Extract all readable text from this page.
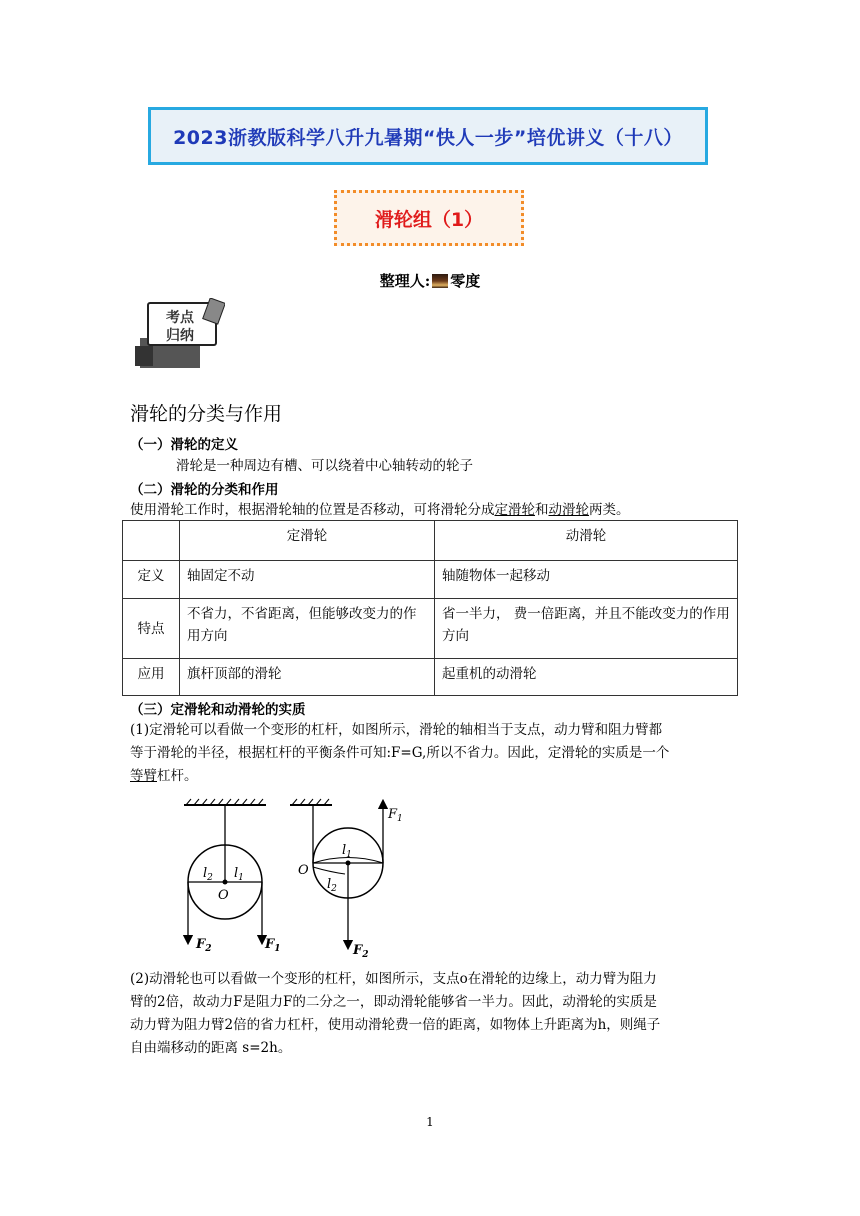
2023浙教版科学八升九暑期“快人一步”培优讲义（十八）
滑轮组（1）
整理人: 零度
考点
归纳
滑轮的分类与作用
（一）滑轮的定义
滑轮是一种周边有槽、可以绕着中心轴转动的轮子
（二）滑轮的分类和作用
使用滑轮工作时，根据滑轮轴的位置是否移动，可将滑轮分成定滑轮和动滑轮两类。
	定滑轮	动滑轮
定义	轴固定不动	轴随物体一起移动
特点	不省力，不省距离，但能够改变力的作用方向	省一半力， 费一倍距离，并且不能改变力的作用方向
应用	旗杆顶部的滑轮	起重机的动滑轮
（三）定滑轮和动滑轮的实质
(1)定滑轮可以看做一个变形的杠杆，如图所示，滑轮的轴相当于支点，动力臂和阻力臂都
等于滑轮的半径，根据杠杆的平衡条件可知:F=G,所以不省力。因此，定滑轮的实质是一个
等臂杠杆。
$l_2$ $l_1$
O
$F_2$	$F_1$
$F_1$
O
$l_1$
$l_2$
$F_2$
(2)动滑轮也可以看做一个变形的杠杆，如图所示，支点o在滑轮的边缘上，动力臂为阻力
臂的2倍，故动力F是阻力F的二分之一，即动滑轮能够省一半力。因此，动滑轮的实质是
动力臂为阻力臂2倍的省力杠杆，使用动滑轮费一倍的距离，如物体上升距离为h，则绳子
自由端移动的距离 s=2h。
1
